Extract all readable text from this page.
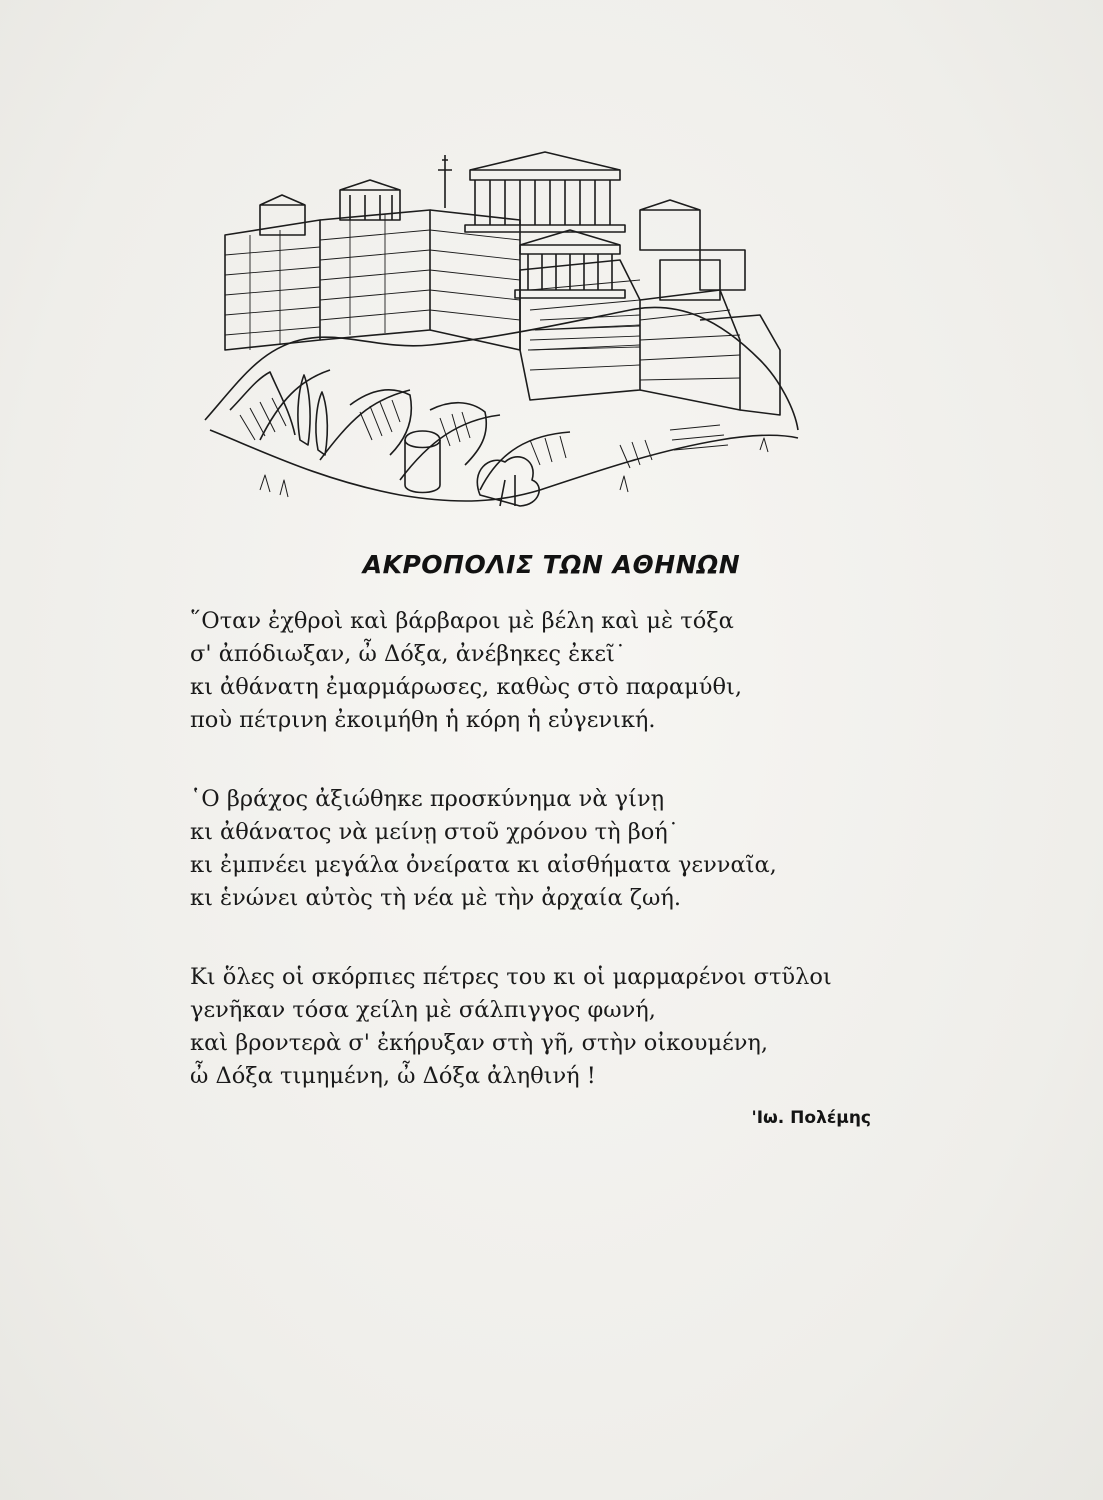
ΑΚΡΟΠΟΛΙΣ ΤΩΝ ΑΘΗΝΩΝ
῞Οταν ἐχθροὶ καὶ βάρβαροι μὲ βέλη καὶ μὲ τόξα
σ' ἀπόδιωξαν, ὦ Δόξα, ἀνέβηκες ἐκεῖ˙
κι ἀθάνατη ἐμαρμάρωσες, καθὼς στὸ παραμύθι,
ποὺ πέτρινη ἐκοιμήθη ἡ κόρη ἡ εὐγενική.
῾Ο βράχος ἀξιώθηκε προσκύνημα νὰ γίνῃ
κι ἀθάνατος νὰ μείνῃ στοῦ χρόνου τὴ βοή˙
κι ἐμπνέει μεγάλα ὀνείρατα κι αἰσθήματα γενναῖα,
κι ἑνώνει αὐτὸς τὴ νέα μὲ τὴν ἀρχαία ζωή.
Κι ὅλες οἱ σκόρπιες πέτρες του κι οἱ μαρμαρένοι στῦλοι
γενῆκαν τόσα χείλη μὲ σάλπιγγος φωνή,
καὶ βροντερὰ σ' ἐκήρυξαν στὴ γῆ, στὴν οἰκουμένη,
ὦ Δόξα τιμημένη, ὦ Δόξα ἀληθινή !
'Ιω. Πολέμης
